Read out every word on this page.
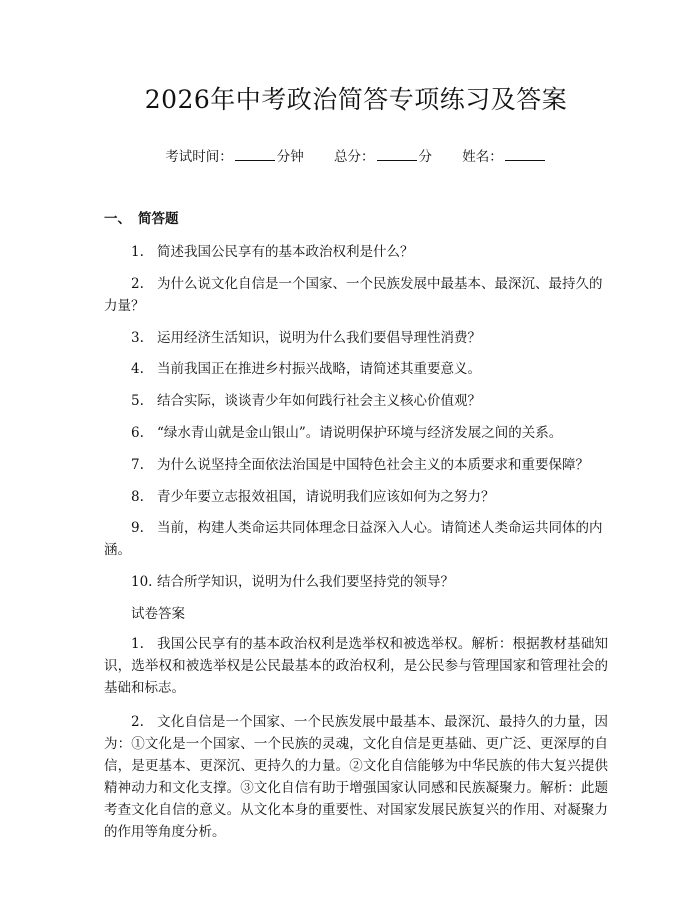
2026年中考政治简答专项练习及答案
考试时间：	分钟 总分：	分 姓名：
一、 简答题

1. 简述我国公民享有的基本政治权利是什么？

2. 为什么说文化自信是一个国家、一个民族发展中最基本、最深沉、最持久的力量？

3. 运用经济生活知识，说明为什么我们要倡导理性消费？

4. 当前我国正在推进乡村振兴战略，请简述其重要意义。

5. 结合实际，谈谈青少年如何践行社会主义核心价值观？

6. “绿水青山就是金山银山”。请说明保护环境与经济发展之间的关系。

7. 为什么说坚持全面依法治国是中国特色社会主义的本质要求和重要保障？

8. 青少年要立志报效祖国，请说明我们应该如何为之努力？

9. 当前，构建人类命运共同体理念日益深入人心。请简述人类命运共同体的内涵。

10. 结合所学知识，说明为什么我们要坚持党的领导？

试卷答案

1. 我国公民享有的基本政治权利是选举权和被选举权。解析：根据教材基础知识，选举权和被选举权是公民最基本的政治权利，是公民参与管理国家和管理社会的基础和标志。

2. 文化自信是一个国家、一个民族发展中最基本、最深沉、最持久的力量，因为：①文化是一个国家、一个民族的灵魂，文化自信是更基础、更广泛、更深厚的自信，是更基本、更深沉、更持久的力量。②文化自信能够为中华民族的伟大复兴提供精神动力和文化支撑。③文化自信有助于增强国家认同感和民族凝聚力。解析：此题考查文化自信的意义。从文化本身的重要性、对国家发展民族复兴的作用、对凝聚力的作用等角度分析。
